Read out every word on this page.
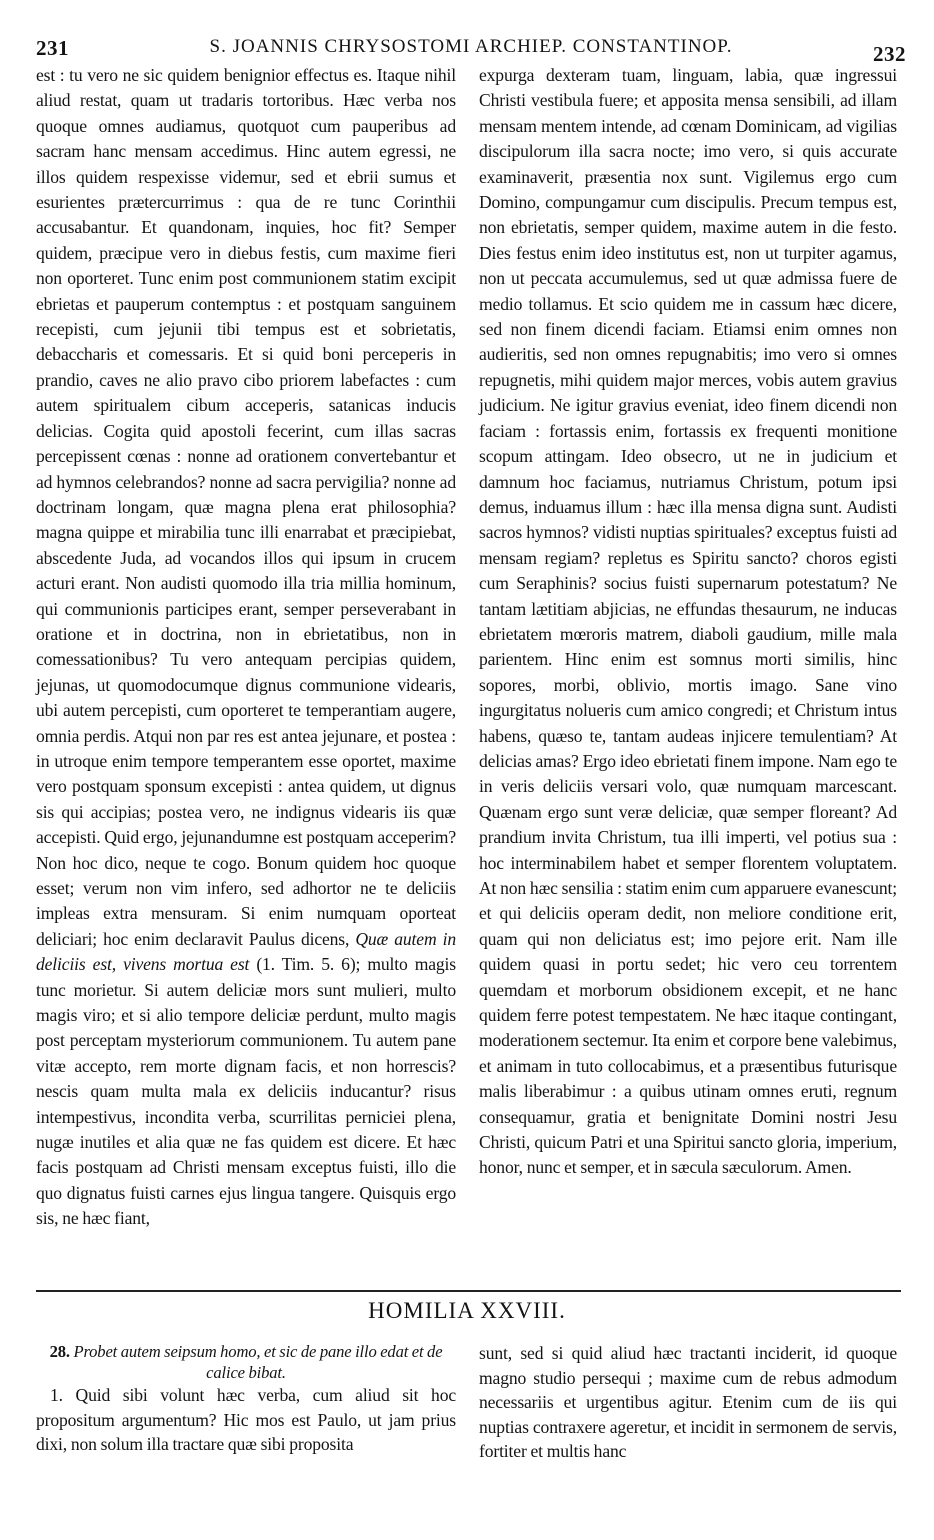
231	S. JOANNIS CHRYSOSTOMI ARCHIEP. CONSTANTINOP.	232

est : tu vero ne sic quidem benignior effectus es. Itaque nihil aliud restat, quam ut tradaris tortoribus. Hæc verba nos quoque omnes audiamus, quotquot cum pauperibus ad sacram hanc mensam accedimus. Hinc autem egressi, ne illos quidem respexisse videmur, sed et ebrii sumus et esurientes prætercurrimus : qua de re tunc Corinthii accusabantur. Et quandonam, inquies, hoc fit? Semper quidem, præcipue vero in diebus festis, cum maxime fieri non oporteret. Tunc enim post communionem statim excipit ebrietas et pauperum contemptus : et postquam sanguinem recepisti, cum jejunii tibi tempus est et sobrietatis, debaccharis et comessaris. Et si quid boni perceperis in prandio, caves ne alio pravo cibo priorem labefactes : cum autem spiritualem cibum acceperis, satanicas inducis delicias. Cogita quid apostoli fecerint, cum illas sacras percepissent cœnas : nonne ad orationem convertebantur et ad hymnos celebrandos? nonne ad sacra pervigilia? nonne ad doctrinam longam, quæ magna plena erat philosophia? magna quippe et mirabilia tunc illi enarrabat et præcipiebat, abscedente Juda, ad vocandos illos qui ipsum in crucem acturi erant. Non audisti quomodo illa tria millia hominum, qui communionis participes erant, semper perseverabant in oratione et in doctrina, non in ebrietatibus, non in comessationibus? Tu vero antequam percipias quidem, jejunas, ut quomodocumque dignus communione videaris, ubi autem percepisti, cum oporteret te temperantiam augere, omnia perdis. Atqui non par res est antea jejunare, et postea : in utroque enim tempore temperantem esse oportet, maxime vero postquam sponsum excepisti : antea quidem, ut dignus sis qui accipias; postea vero, ne indignus videaris iis quæ accepisti. Quid ergo, jejunandumne est postquam acceperim? Non hoc dico, neque te cogo. Bonum quidem hoc quoque esset; verum non vim infero, sed adhortor ne te deliciis impleas extra mensuram. Si enim numquam oporteat deliciari; hoc enim declaravit Paulus dicens, Quæ autem in deliciis est, vivens mortua est (1. Tim. 5. 6); multo magis tunc morietur. Si autem deliciæ mors sunt mulieri, multo magis viro; et si alio tempore deliciæ perdunt, multo magis post perceptam mysteriorum communionem. Tu autem pane vitæ accepto, rem morte dignam facis, et non horrescis? nescis quam multa mala ex deliciis inducantur? risus intempestivus, incondita verba, scurrilitas perniciei plena, nugæ inutiles et alia quæ ne fas quidem est dicere. Et hæc facis postquam ad Christi mensam exceptus fuisti, illo die quo dignatus fuisti carnes ejus lingua tangere. Quisquis ergo sis, ne hæc fiant,

expurga dexteram tuam, linguam, labia, quæ ingressui Christi vestibula fuere; et apposita mensa sensibili, ad illam mensam mentem intende, ad cœnam Dominicam, ad vigilias discipulorum illa sacra nocte; imo vero, si quis accurate examinaverit, præsentia nox sunt. Vigilemus ergo cum Domino, compungamur cum discipulis. Precum tempus est, non ebrietatis, semper quidem, maxime autem in die festo. Dies festus enim ideo institutus est, non ut turpiter agamus, non ut peccata accumulemus, sed ut quæ admissa fuere de medio tollamus. Et scio quidem me in cassum hæc dicere, sed non finem dicendi faciam. Etiamsi enim omnes non audieritis, sed non omnes repugnabitis; imo vero si omnes repugnetis, mihi quidem major merces, vobis autem gravius judicium. Ne igitur gravius eveniat, ideo finem dicendi non faciam : fortassis enim, fortassis ex frequenti monitione scopum attingam. Ideo obsecro, ut ne in judicium et damnum hoc faciamus, nutriamus Christum, potum ipsi demus, induamus illum : hæc illa mensa digna sunt. Audisti sacros hymnos? vidisti nuptias spirituales? exceptus fuisti ad mensam regiam? repletus es Spiritu sancto? choros egisti cum Seraphinis? socius fuisti supernarum potestatum? Ne tantam lætitiam abjicias, ne effundas thesaurum, ne inducas ebrietatem mœroris matrem, diaboli gaudium, mille mala parientem. Hinc enim est somnus morti similis, hinc sopores, morbi, oblivio, mortis imago. Sane vino ingurgitatus nolueris cum amico congredi; et Christum intus habens, quæso te, tantam audeas injicere temulentiam? At delicias amas? Ergo ideo ebrietati finem impone. Nam ego te in veris deliciis versari volo, quæ numquam marcescant. Quænam ergo sunt veræ deliciæ, quæ semper floreant? Ad prandium invita Christum, tua illi imperti, vel potius sua : hoc interminabilem habet et semper florentem voluptatem. At non hæc sensilia : statim enim cum apparuere evanescunt; et qui deliciis operam dedit, non meliore conditione erit, quam qui non deliciatus est; imo pejore erit. Nam ille quidem quasi in portu sedet; hic vero ceu torrentem quemdam et morborum obsidionem excepit, et ne hanc quidem ferre potest tempestatem. Ne hæc itaque contingant, moderationem sectemur. Ita enim et corpore bene valebimus, et animam in tuto collocabimus, et a præsentibus futurisque malis liberabimur : a quibus utinam omnes eruti, regnum consequamur, gratia et benignitate Domini nostri Jesu Christi, quicum Patri et una Spiritui sancto gloria, imperium, honor, nunc et semper, et in sæcula sæculorum. Amen.

HOMILIA XXVIII.

28. Probet autem seipsum homo, et sic de pane illo edat et de calice bibat.

1. Quid sibi volunt hæc verba, cum aliud sit hoc propositum argumentum? Hic mos est Paulo, ut jam prius dixi, non solum illa tractare quæ sibi proposita

sunt, sed si quid aliud hæc tractanti inciderit, id quoque magno studio persequi ; maxime cum de rebus admodum necessariis et urgentibus agitur. Etenim cum de iis qui nuptias contraxere ageretur, et incidit in sermonem de servis, fortiter et multis hanc
